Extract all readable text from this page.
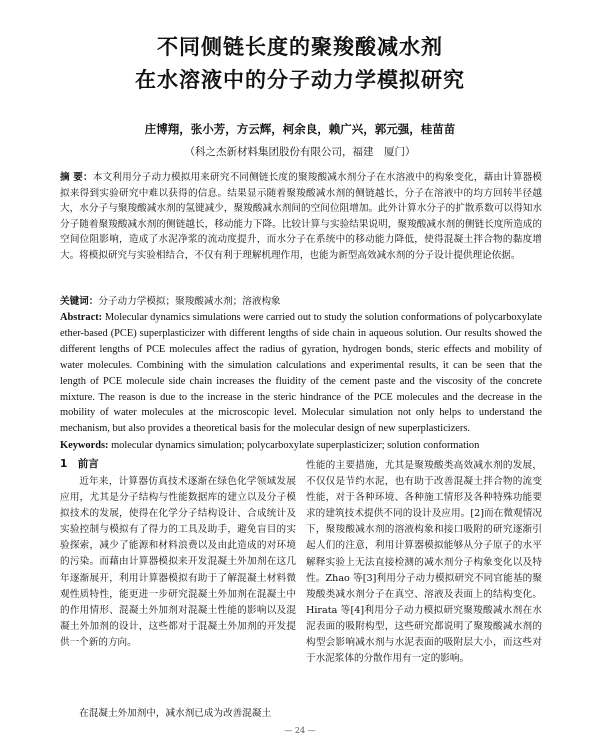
不同侧链长度的聚羧酸减水剂
在水溶液中的分子动力学模拟研究
庄博翔，张小芳，方云辉，柯余良，赖广兴，郭元强，桂苗苗
（科之杰新材料集团股份有限公司，福建　厦门）

摘 要：本文利用分子动力模拟用来研究不同侧链长度的聚羧酸减水剂分子在水溶液中的构象变化，藉由计算器模拟来得到实验研究中难以获得的信息。结果显示随着聚羧酸减水剂的侧链越长，分子在溶液中的均方回转半径越大，水分子与聚羧酸减水剂的氢键减少，聚羧酸减水剂间的空间位阻增加。此外计算水分子的扩散系数可以得知水分子随着聚羧酸减水剂的侧链越长，移动能力下降。比较计算与实验结果说明，聚羧酸减水剂的侧链长度所造成的空间位阻影响，造成了水泥净浆的流动度提升，而水分子在系统中的移动能力降低，使得混凝土拌合物的黏度增大。将模拟研究与实验相结合，不仅有利于理解机理作用，也能为新型高效减水剂的分子设计提供理论依据。

关键词：分子动力学模拟；聚羧酸减水剂；溶液构象

Abstract: Molecular dynamics simulations were carried out to study the solution conformations of polycarboxylate ether-based (PCE) superplasticizer with different lengths of side chain in aqueous solution. Our results showed the different lengths of PCE molecules affect the radius of gyration, hydrogen bonds, steric effects and mobility of water molecules. Combining with the simulation calculations and experimental results, it can be seen that the length of PCE molecule side chain increases the fluidity of the cement paste and the viscosity of the concrete mixture. The reason is due to the increase in the steric hindrance of the PCE molecules and the decrease in the mobility of water molecules at the microscopic level. Molecular simulation not only helps to understand the mechanism, but also provides a theoretical basis for the molecular design of new superplasticizers.

Keywords: molecular dynamics simulation; polycarboxylate superplasticizer; solution conformation

1　前言

近年来，计算器仿真技术逐渐在绿色化学领域发展应用，尤其是分子结构与性能数据库的建立以及分子模拟技术的发展，使得在化学分子结构设计、合成统计及实验控制与模拟有了得力的工具及助手，避免盲目的实验探索，减少了能源和材料浪费以及由此造成的对环境的污染。而藉由计算器模拟来开发混凝土外加剂在这几年逐渐展开，利用计算器模拟有助于了解混凝土材料微观性质特性，能更进一步研究混凝土外加剂在混凝土中的作用情形、混凝土外加剂对混凝土性能的影响以及混凝土外加剂的设计，这些都对于混凝土外加剂的开发提供一个新的方向。

在混凝土外加剂中，减水剂已成为改善混凝土

性能的主要措施，尤其是聚羧酸类高效减水剂的发展，不仅仅是节约水泥，也有助于改善混凝土拌合物的流变性能，对于各种环境、各种施工情形及各种特殊功能要求的建筑技术提供不同的设计及应用。[2]而在微观情况下，聚羧酸减水剂的溶液构象和接口吸附的研究逐渐引起人们的注意，利用计算器模拟能够从分子原子的水平解释实验上无法直接检测的减水剂分子构象变化以及特性。Zhao 等[3]利用分子动力模拟研究不同官能基的聚羧酸类减水剂分子在真空、溶液及表面上的结构变化。Hirata 等[4]利用分子动力模拟研究聚羧酸减水剂在水泥表面的吸附构型，这些研究都说明了聚羧酸减水剂的构型会影响减水剂与水泥表面的吸附层大小，而这些对于水泥浆体的分散作用有一定的影响。

— 24 —
